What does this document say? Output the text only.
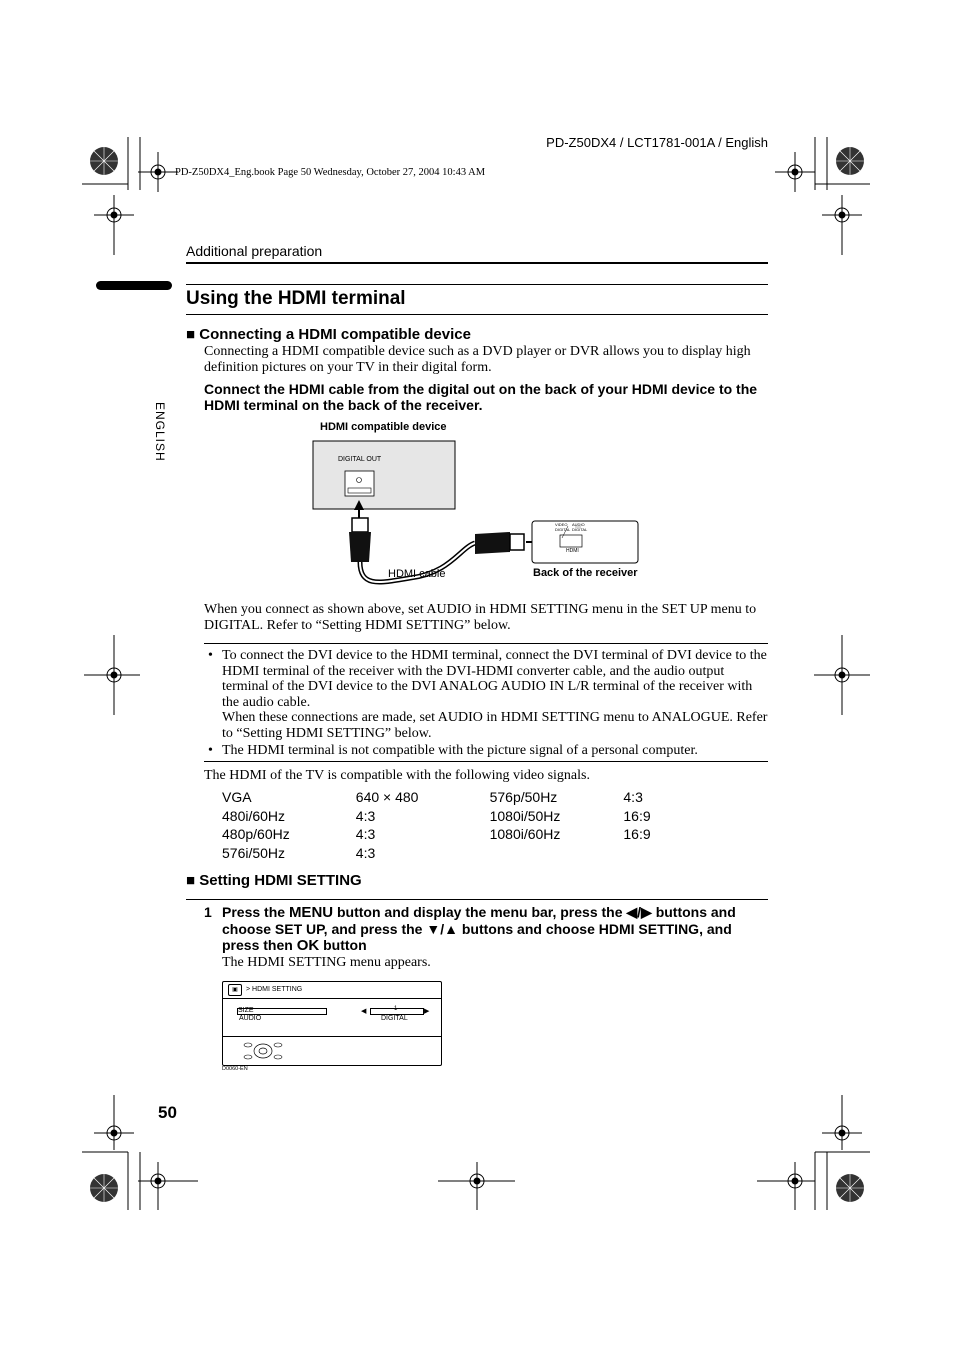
PD-Z50DX4 / LCT1781-001A / English
PD-Z50DX4_Eng.book Page 50 Wednesday, October 27, 2004 10:43 AM
Additional preparation
ENGLISH
Using the HDMI terminal
■ Connecting a HDMI compatible device
Connecting a HDMI compatible device such as a DVD player or DVR allows you to display high definition pictures on your TV in their digital form.
Connect the HDMI cable from the digital out on the back of your HDMI device to the HDMI terminal on the back of the receiver.
HDMI compatible device
DIGITAL OUT
VIDEO DIGITAL
AUDIO DIGITAL
HDMI
HDMI cable	Back of the receiver
When you connect as shown above, set AUDIO in HDMI SETTING menu in the SET UP menu to DIGITAL. Refer to “Setting HDMI SETTING” below.
• To connect the DVI device to the HDMI terminal, connect the DVI terminal of DVI device to the HDMI terminal of the receiver with the DVI-HDMI converter cable, and the audio output terminal of the DVI device to the DVI ANALOG AUDIO IN L/R terminal of the receiver with the audio cable.
When these connections are made, set AUDIO in HDMI SETTING menu to ANALOGUE. Refer to “Setting HDMI SETTING” below.
• The HDMI terminal is not compatible with the picture signal of a personal computer.
The HDMI of the TV is compatible with the following video signals.
VGA	640 × 480	576p/50Hz	4:3
480i/60Hz	4:3	1080i/50Hz	16:9
480p/60Hz	4:3	1080i/60Hz	16:9
576i/50Hz	4:3
■ Setting HDMI SETTING
1 Press the MENU button and display the menu bar, press the ◀/▶ buttons and choose SET UP, and press the ▼/▲ buttons and choose HDMI SETTING, and press then OK button
The HDMI SETTING menu appears.
▣	> HDMI SETTING
SIZE
AUDIO
◀	1	▶
DIGITAL
D0060-EN
50
